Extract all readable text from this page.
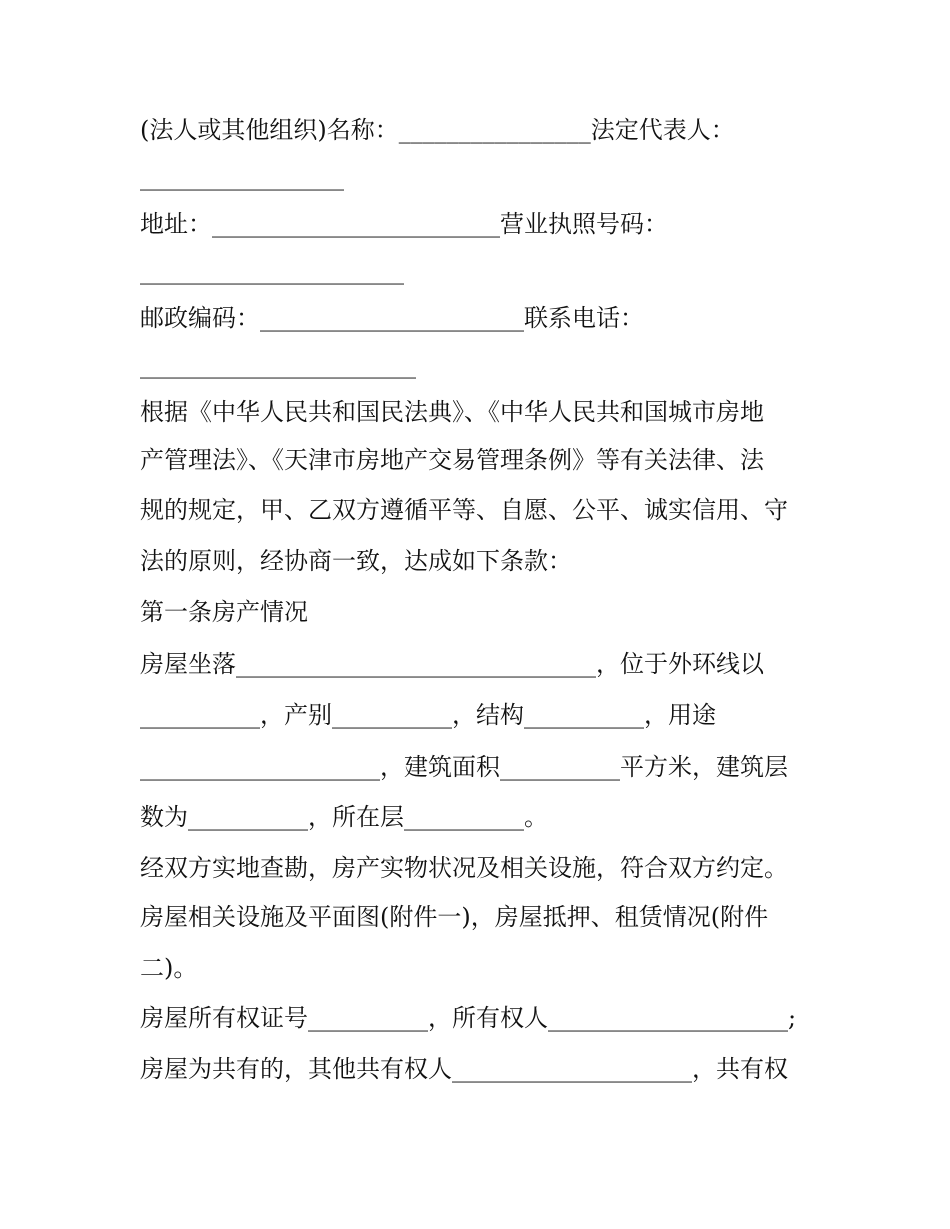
(法人或其他组织)名称：________________法定代表人：
_________________
地址：________________________营业执照号码：
______________________
邮政编码：______________________联系电话：
_______________________
根据《中华人民共和国民法典》、《中华人民共和国城市房地
产管理法》、《天津市房地产交易管理条例》等有关法律、法
规的规定，甲、乙双方遵循平等、自愿、公平、诚实信用、守
法的原则，经协商一致，达成如下条款：
第一条房产情况
房屋坐落______________________________，位于外环线以
__________，产别__________，结构__________，用途
____________________，建筑面积__________平方米，建筑层
数为__________，所在层__________。
经双方实地查勘，房产实物状况及相关设施，符合双方约定。
房屋相关设施及平面图(附件一)，房屋抵押、租赁情况(附件
二)。
房屋所有权证号__________，所有权人____________________;
房屋为共有的，其他共有权人____________________，共有权
